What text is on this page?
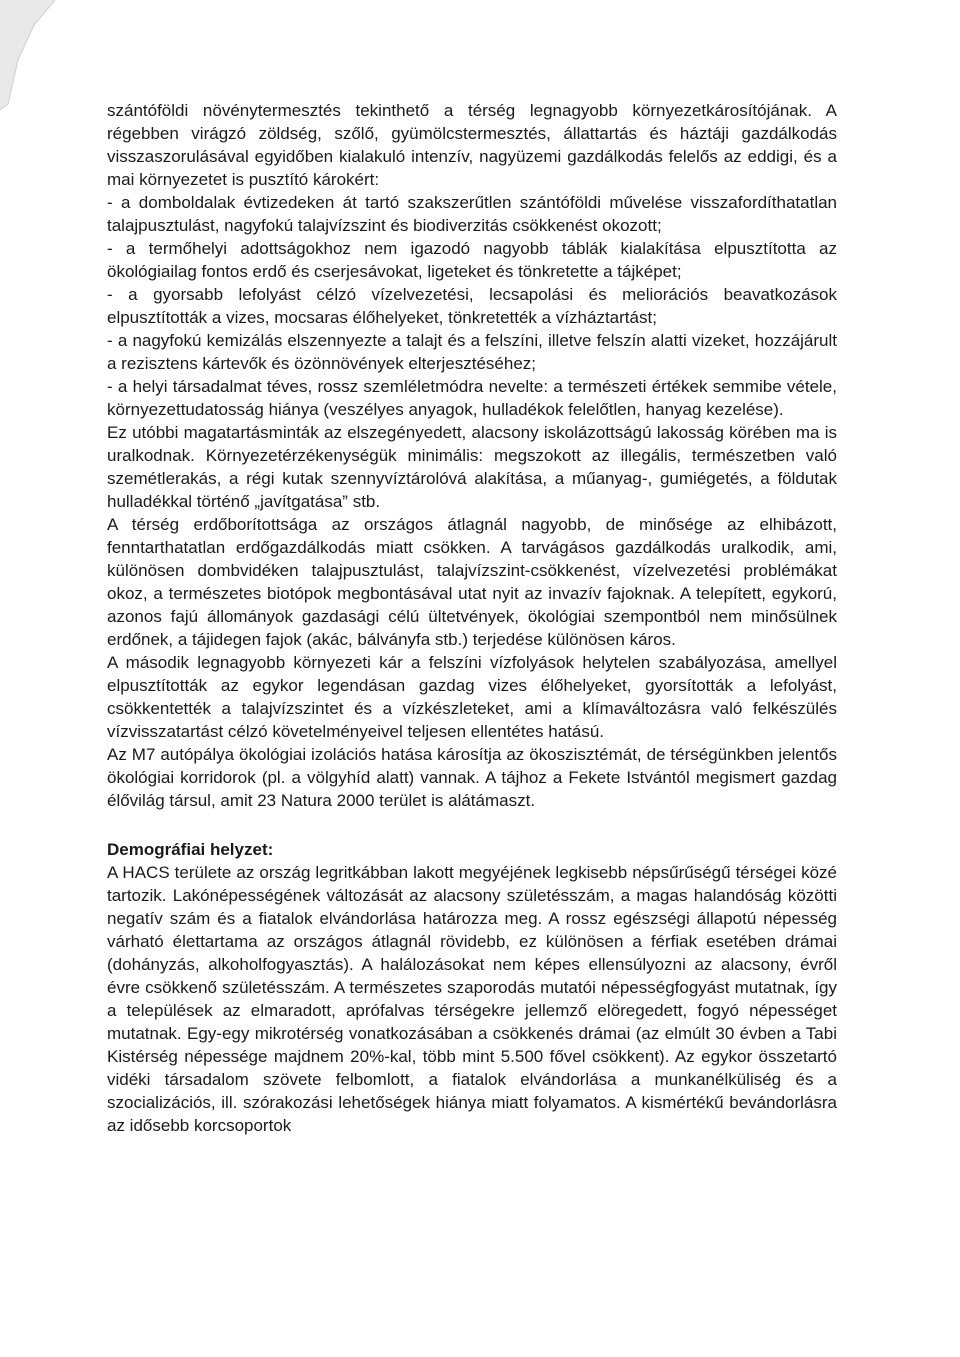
szántóföldi növénytermesztés tekinthető a térség legnagyobb környezetkárosítójának. A régebben virágzó zöldség, szőlő, gyümölcstermesztés, állattartás és háztáji gazdálkodás visszaszorulásával egyidőben kialakuló intenzív, nagyüzemi gazdálkodás felelős az eddigi, és a mai környezetet is pusztító károkért:

- a domboldalak évtizedeken át tartó szakszerűtlen szántóföldi művelése visszafordíthatatlan talajpusztulást, nagyfokú talajvízszint és biodiverzitás csökkenést okozott;

- a termőhelyi adottságokhoz nem igazodó nagyobb táblák kialakítása elpusztította az ökológiailag fontos erdő és cserjesávokat, ligeteket és tönkretette a tájképet;

- a gyorsabb lefolyást célzó vízelvezetési, lecsapolási és meliorációs beavatkozások elpusztították a vizes, mocsaras élőhelyeket, tönkretették a vízháztartást;

- a nagyfokú kemizálás elszennyezte a talajt és a felszíni, illetve felszín alatti vizeket, hozzájárult a rezisztens kártevők és özönnövények elterjesztéséhez;

- a helyi társadalmat téves, rossz szemléletmódra nevelte: a természeti értékek semmibe vétele, környezettudatosság hiánya (veszélyes anyagok, hulladékok felelőtlen, hanyag kezelése).

Ez utóbbi magatartásminták az elszegényedett, alacsony iskolázottságú lakosság körében ma is uralkodnak. Környezetérzékenységük minimális: megszokott az illegális, természetben való szemétlerakás, a régi kutak szennyvíztárolóvá alakítása, a műanyag-, gumiégetés, a földutak hulladékkal történő „javítgatása” stb.

A térség erdőborítottsága az országos átlagnál nagyobb, de minősége az elhibázott, fenntarthatatlan erdőgazdálkodás miatt csökken. A tarvágásos gazdálkodás uralkodik, ami, különösen dombvidéken talajpusztulást, talajvízszint-csökkenést, vízelvezetési problémákat okoz, a természetes biotópok megbontásával utat nyit az invazív fajoknak. A telepített, egykorú, azonos fajú állományok gazdasági célú ültetvények, ökológiai szempontból nem minősülnek erdőnek, a tájidegen fajok (akác, bálványfa stb.) terjedése különösen káros.

A második legnagyobb környezeti kár a felszíni vízfolyások helytelen szabályozása, amellyel elpusztították az egykor legendásan gazdag vizes élőhelyeket, gyorsították a lefolyást, csökkentették a talajvízszintet és a vízkészleteket, ami a klímaváltozásra való felkészülés vízvisszatartást célzó követelményeivel teljesen ellentétes hatású.

Az M7 autópálya ökológiai izolációs hatása károsítja az ökoszisztémát, de térségünkben jelentős ökológiai korridorok (pl. a völgyhíd alatt) vannak. A tájhoz a Fekete Istvántól megismert gazdag élővilág társul, amit 23 Natura 2000 terület is alátámaszt.

Demográfiai helyzet:

A HACS területe az ország legritkábban lakott megyéjének legkisebb népsűrűségű térségei közé tartozik. Lakónépességének változását az alacsony születésszám, a magas halandóság közötti negatív szám és a fiatalok elvándorlása határozza meg. A rossz egészségi állapotú népesség várható élettartama az országos átlagnál rövidebb, ez különösen a férfiak esetében drámai (dohányzás, alkoholfogyasztás). A halálozásokat nem képes ellensúlyozni az alacsony, évről évre csökkenő születésszám. A természetes szaporodás mutatói népességfogyást mutatnak, így a települések az elmaradott, aprófalvas térségekre jellemző elöregedett, fogyó népességet mutatnak. Egy-egy mikrotérség vonatkozásában a csökkenés drámai (az elmúlt 30 évben a Tabi Kistérség népessége majdnem 20%-kal, több mint 5.500 fővel csökkent). Az egykor összetartó vidéki társadalom szövete felbomlott, a fiatalok elvándorlása a munkanélküliség és a szocializációs, ill. szórakozási lehetőségek hiánya miatt folyamatos. A kismértékű bevándorlásra az idősebb korcsoportok
